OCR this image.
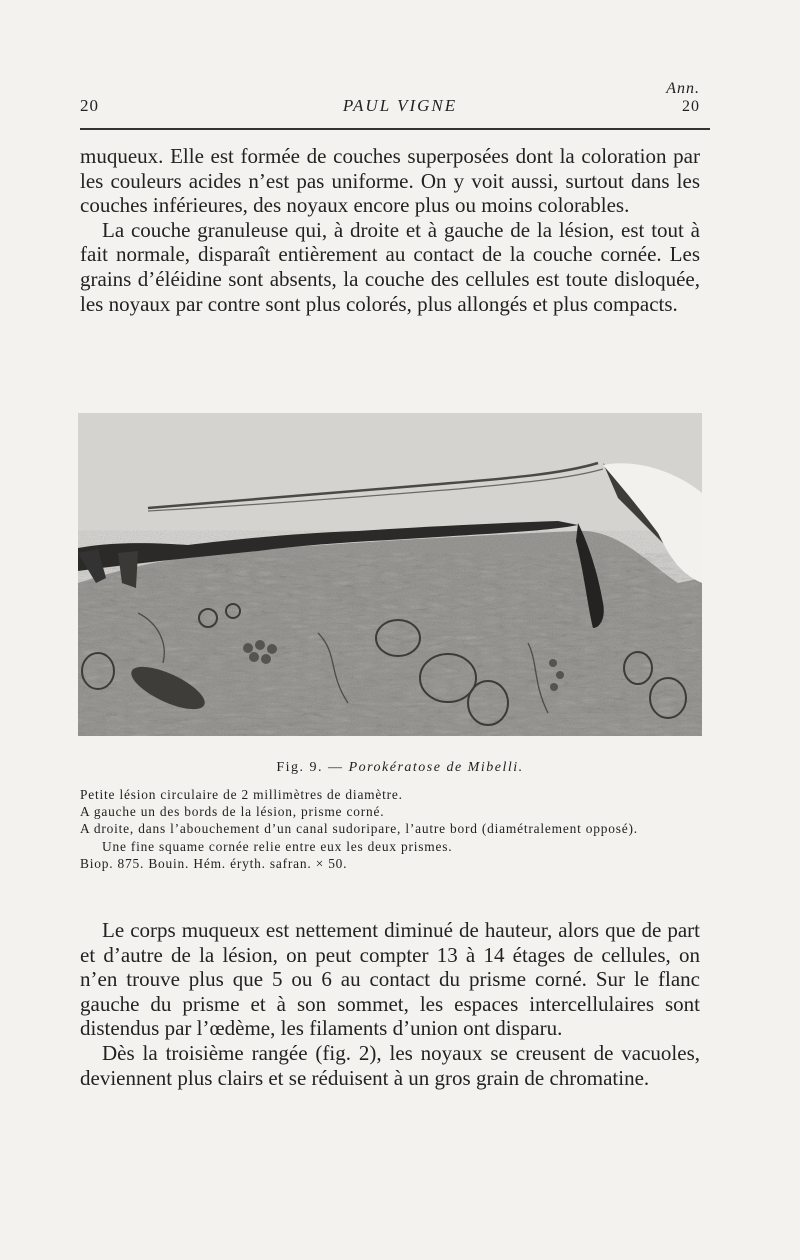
20	PAUL VIGNE
Ann.
20

muqueux. Elle est formée de couches superposées dont la coloration par les couleurs acides n’est pas uniforme. On y voit aussi, surtout dans les couches inférieures, des noyaux encore plus ou moins colorables.

La couche granuleuse qui, à droite et à gauche de la lésion, est tout à fait normale, disparaît entièrement au contact de la couche cornée. Les grains d’éléidine sont absents, la couche des cellules est toute disloquée, les noyaux par contre sont plus colorés, plus allongés et plus compacts.

Fig. 9. — Porokératose de Mibelli.
Petite lésion circulaire de 2 millimètres de diamètre.
A gauche un des bords de la lésion, prisme corné.
A droite, dans l’abouchement d’un canal sudoripare, l’autre bord (diamétralement opposé).
Une fine squame cornée relie entre eux les deux prismes.
Biop. 875. Bouin. Hém. éryth. safran. × 50.

Le corps muqueux est nettement diminué de hauteur, alors que de part et d’autre de la lésion, on peut compter 13 à 14 étages de cellules, on n’en trouve plus que 5 ou 6 au contact du prisme corné. Sur le flanc gauche du prisme et à son sommet, les espaces intercellulaires sont distendus par l’œdème, les filaments d’union ont disparu.

Dès la troisième rangée (fig. 2), les noyaux se creusent de vacuoles, deviennent plus clairs et se réduisent à un gros grain de chromatine.
